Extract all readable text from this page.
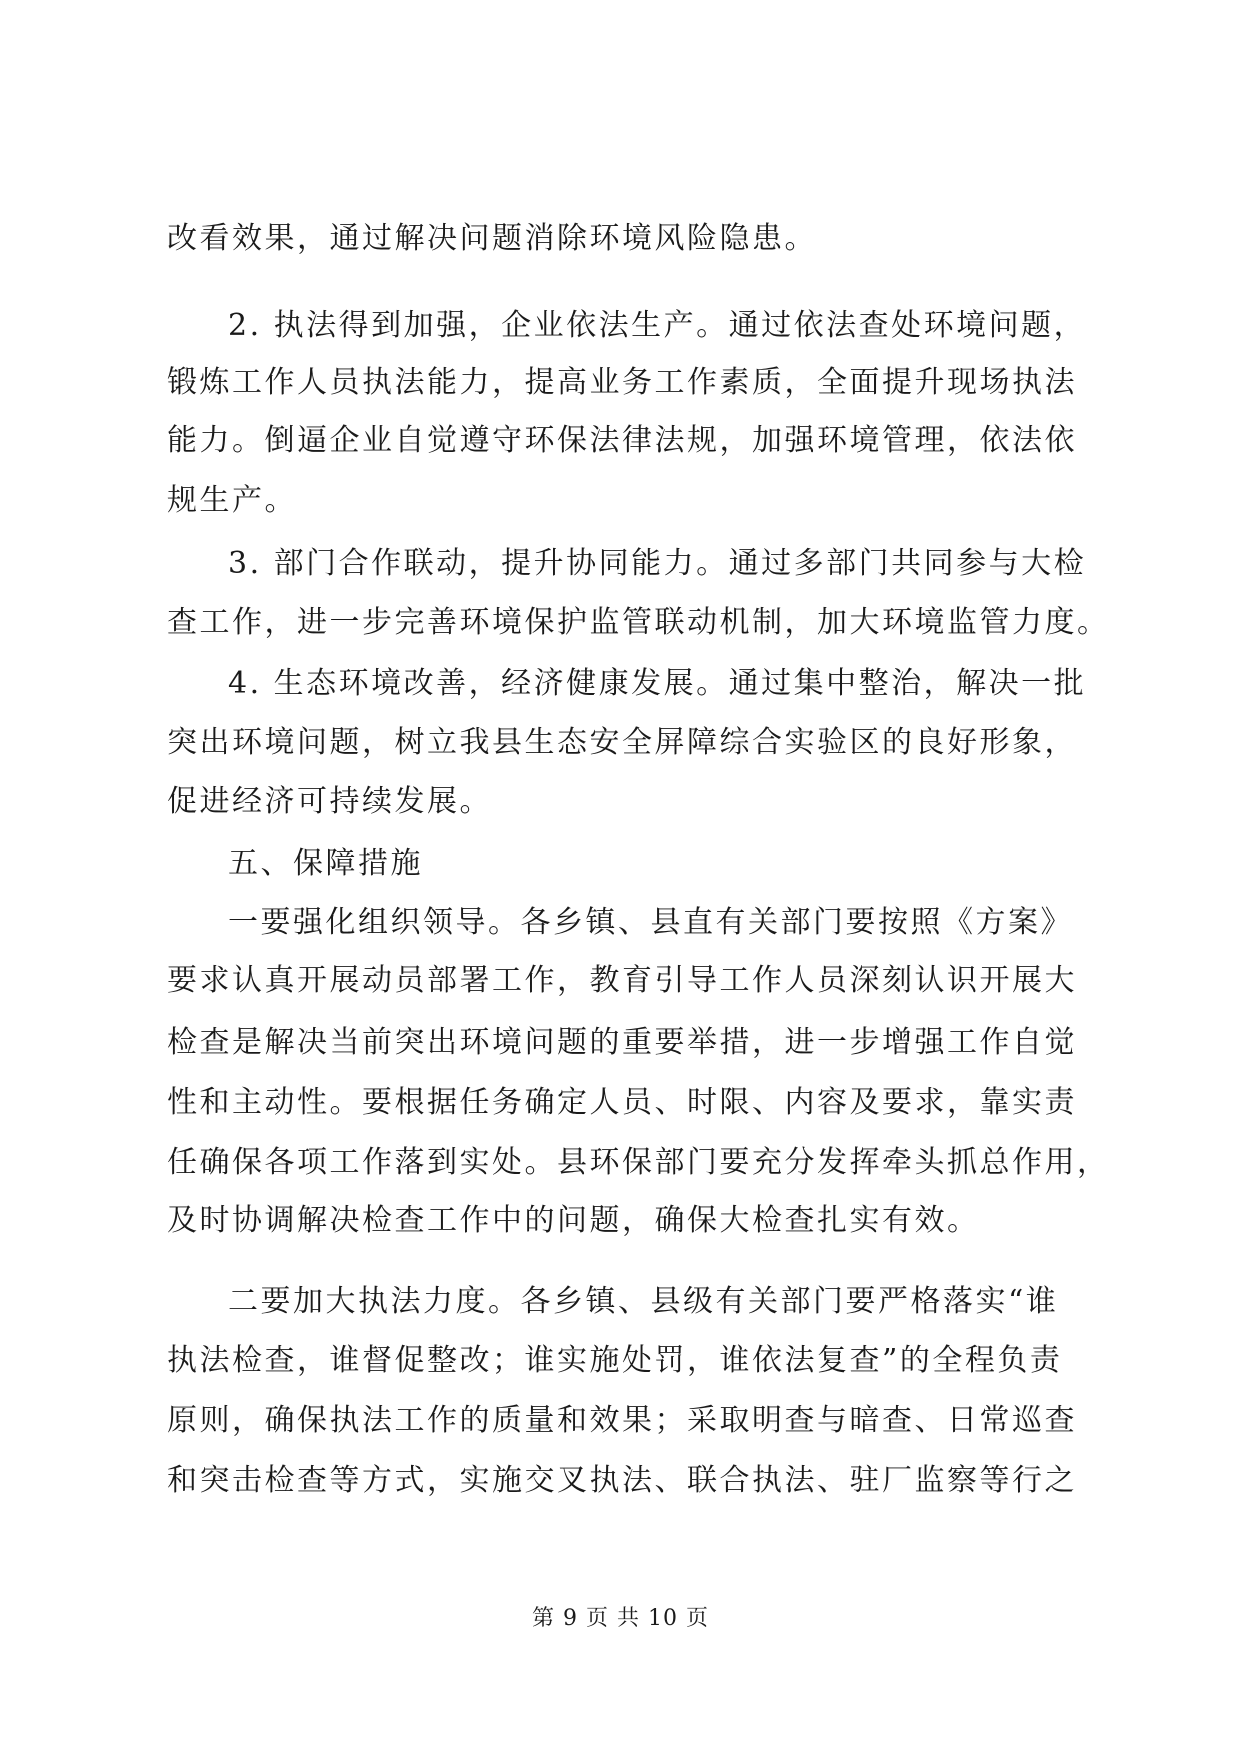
改看效果，通过解决问题消除环境风险隐患。
2. 执法得到加强，企业依法生产。通过依法查处环境问题，
锻炼工作人员执法能力，提高业务工作素质，全面提升现场执法
能力。倒逼企业自觉遵守环保法律法规，加强环境管理，依法依
规生产。
3. 部门合作联动，提升协同能力。通过多部门共同参与大检
查工作，进一步完善环境保护监管联动机制，加大环境监管力度。
4. 生态环境改善，经济健康发展。通过集中整治，解决一批
突出环境问题，树立我县生态安全屏障综合实验区的良好形象，
促进经济可持续发展。
五、保障措施
一要强化组织领导。各乡镇、县直有关部门要按照《方案》
要求认真开展动员部署工作，教育引导工作人员深刻认识开展大
检查是解决当前突出环境问题的重要举措，进一步增强工作自觉
性和主动性。要根据任务确定人员、时限、内容及要求，靠实责
任确保各项工作落到实处。县环保部门要充分发挥牵头抓总作用，
及时协调解决检查工作中的问题，确保大检查扎实有效。
二要加大执法力度。各乡镇、县级有关部门要严格落实“谁
执法检查，谁督促整改；谁实施处罚，谁依法复查”的全程负责
原则，确保执法工作的质量和效果；采取明查与暗查、日常巡查
和突击检查等方式，实施交叉执法、联合执法、驻厂监察等行之
第 9 页 共 10 页
